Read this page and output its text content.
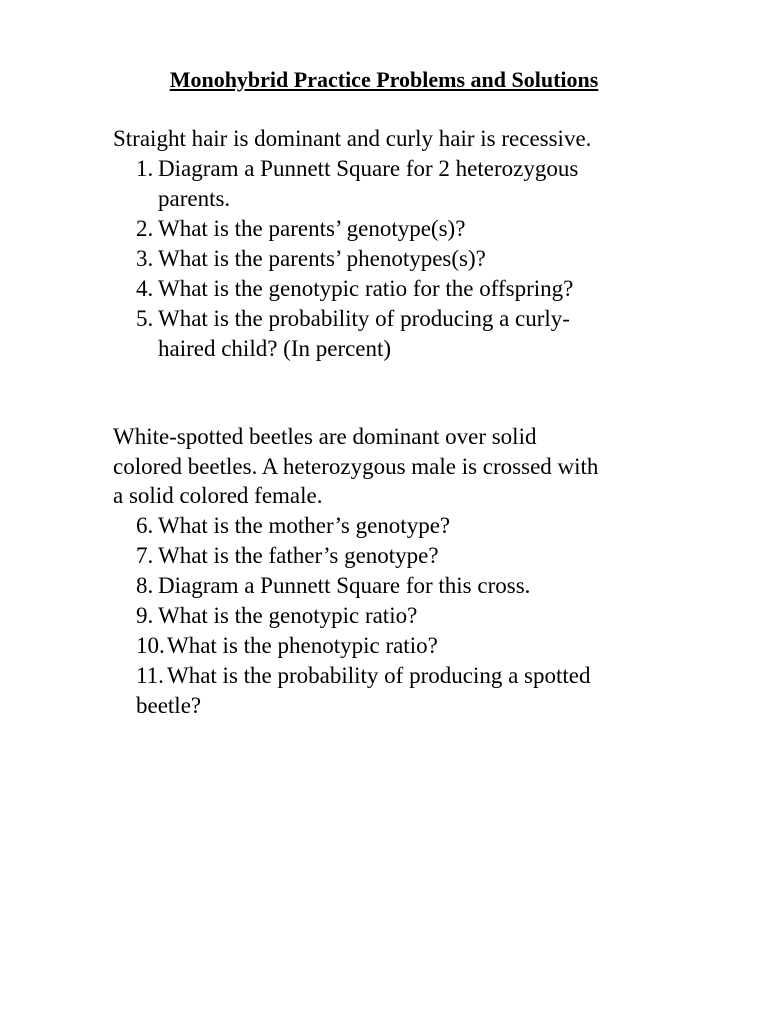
Monohybrid Practice Problems and Solutions
Straight hair is dominant and curly hair is recessive.
1. Diagram a Punnett Square for 2 heterozygous
parents.
2. What is the parents’ genotype(s)?
3. What is the parents’ phenotypes(s)?
4. What is the genotypic ratio for the offspring?
5. What is the probability of producing a curly-
haired child? (In percent)
White-spotted beetles are dominant over solid
colored beetles. A heterozygous male is crossed with
a solid colored female.
6. What is the mother’s genotype?
7. What is the father’s genotype?
8. Diagram a Punnett Square for this cross.
9. What is the genotypic ratio?
10.What is the phenotypic ratio?
11. What is the probability of producing a spotted
beetle?
